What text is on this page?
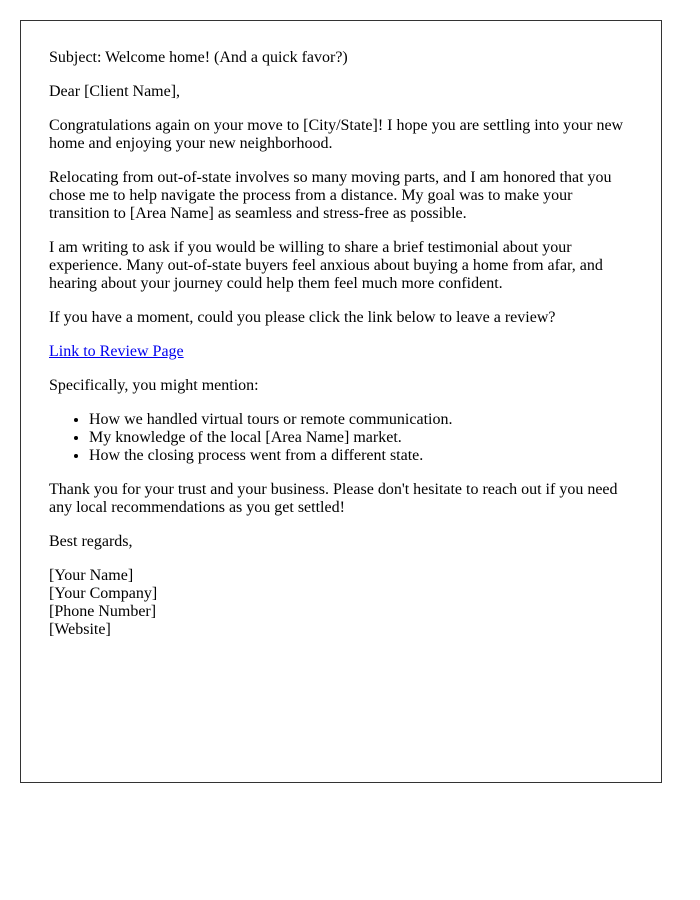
Subject: Welcome home! (And a quick favor?)

Dear [Client Name],

Congratulations again on your move to [City/State]! I hope you are settling into your new home and enjoying your new neighborhood.

Relocating from out-of-state involves so many moving parts, and I am honored that you chose me to help navigate the process from a distance. My goal was to make your transition to [Area Name] as seamless and stress-free as possible.

I am writing to ask if you would be willing to share a brief testimonial about your experience. Many out-of-state buyers feel anxious about buying a home from afar, and hearing about your journey could help them feel much more confident.

If you have a moment, could you please click the link below to leave a review?

Link to Review Page

Specifically, you might mention:

• How we handled virtual tours or remote communication.
• My knowledge of the local [Area Name] market.
• How the closing process went from a different state.

Thank you for your trust and your business. Please don't hesitate to reach out if you need any local recommendations as you get settled!

Best regards,

[Your Name]

[Your Company]

[Phone Number]

[Website]
